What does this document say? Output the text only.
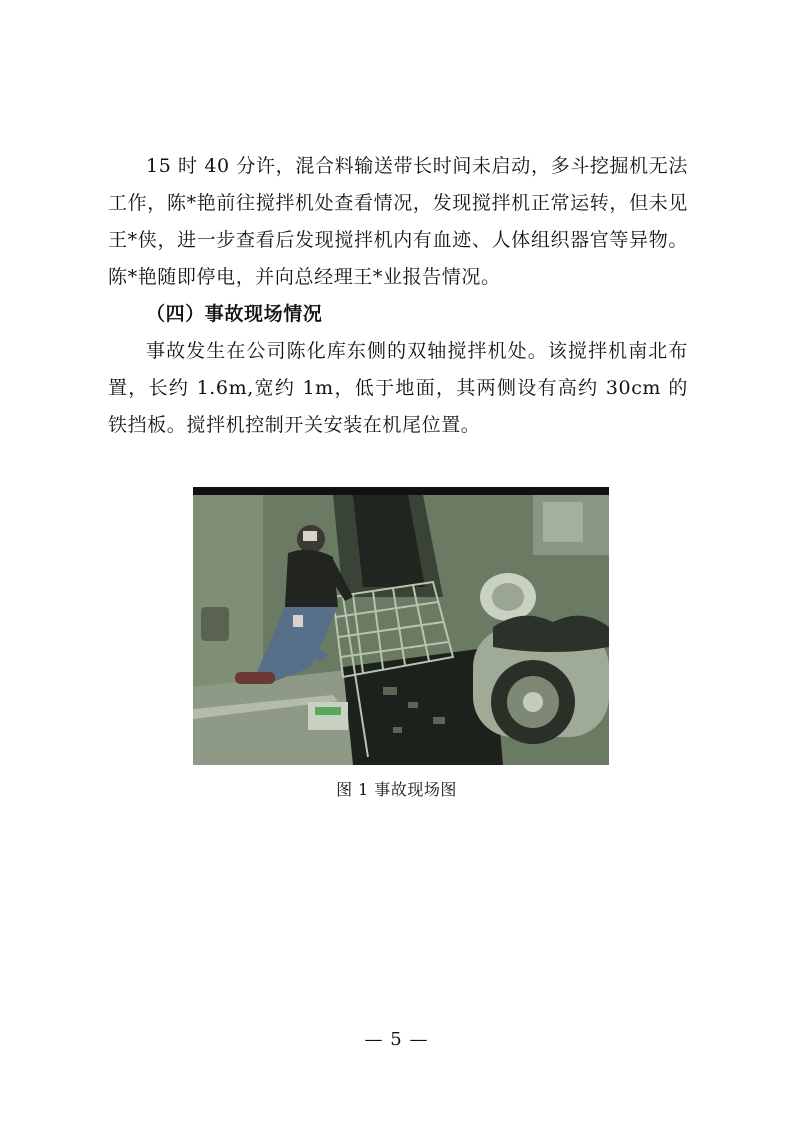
15 时 40 分许，混合料输送带长时间未启动，多斗挖掘机无法工作，陈*艳前往搅拌机处查看情况，发现搅拌机正常运转，但未见王*侠，进一步查看后发现搅拌机内有血迹、人体组织器官等异物。陈*艳随即停电，并向总经理王*业报告情况。

（四）事故现场情况

事故发生在公司陈化库东侧的双轴搅拌机处。该搅拌机南北布置，长约 1.6m,宽约 1m，低于地面，其两侧设有高约 30cm 的铁挡板。搅拌机控制开关安装在机尾位置。

图 1 事故现场图
— 5 —
